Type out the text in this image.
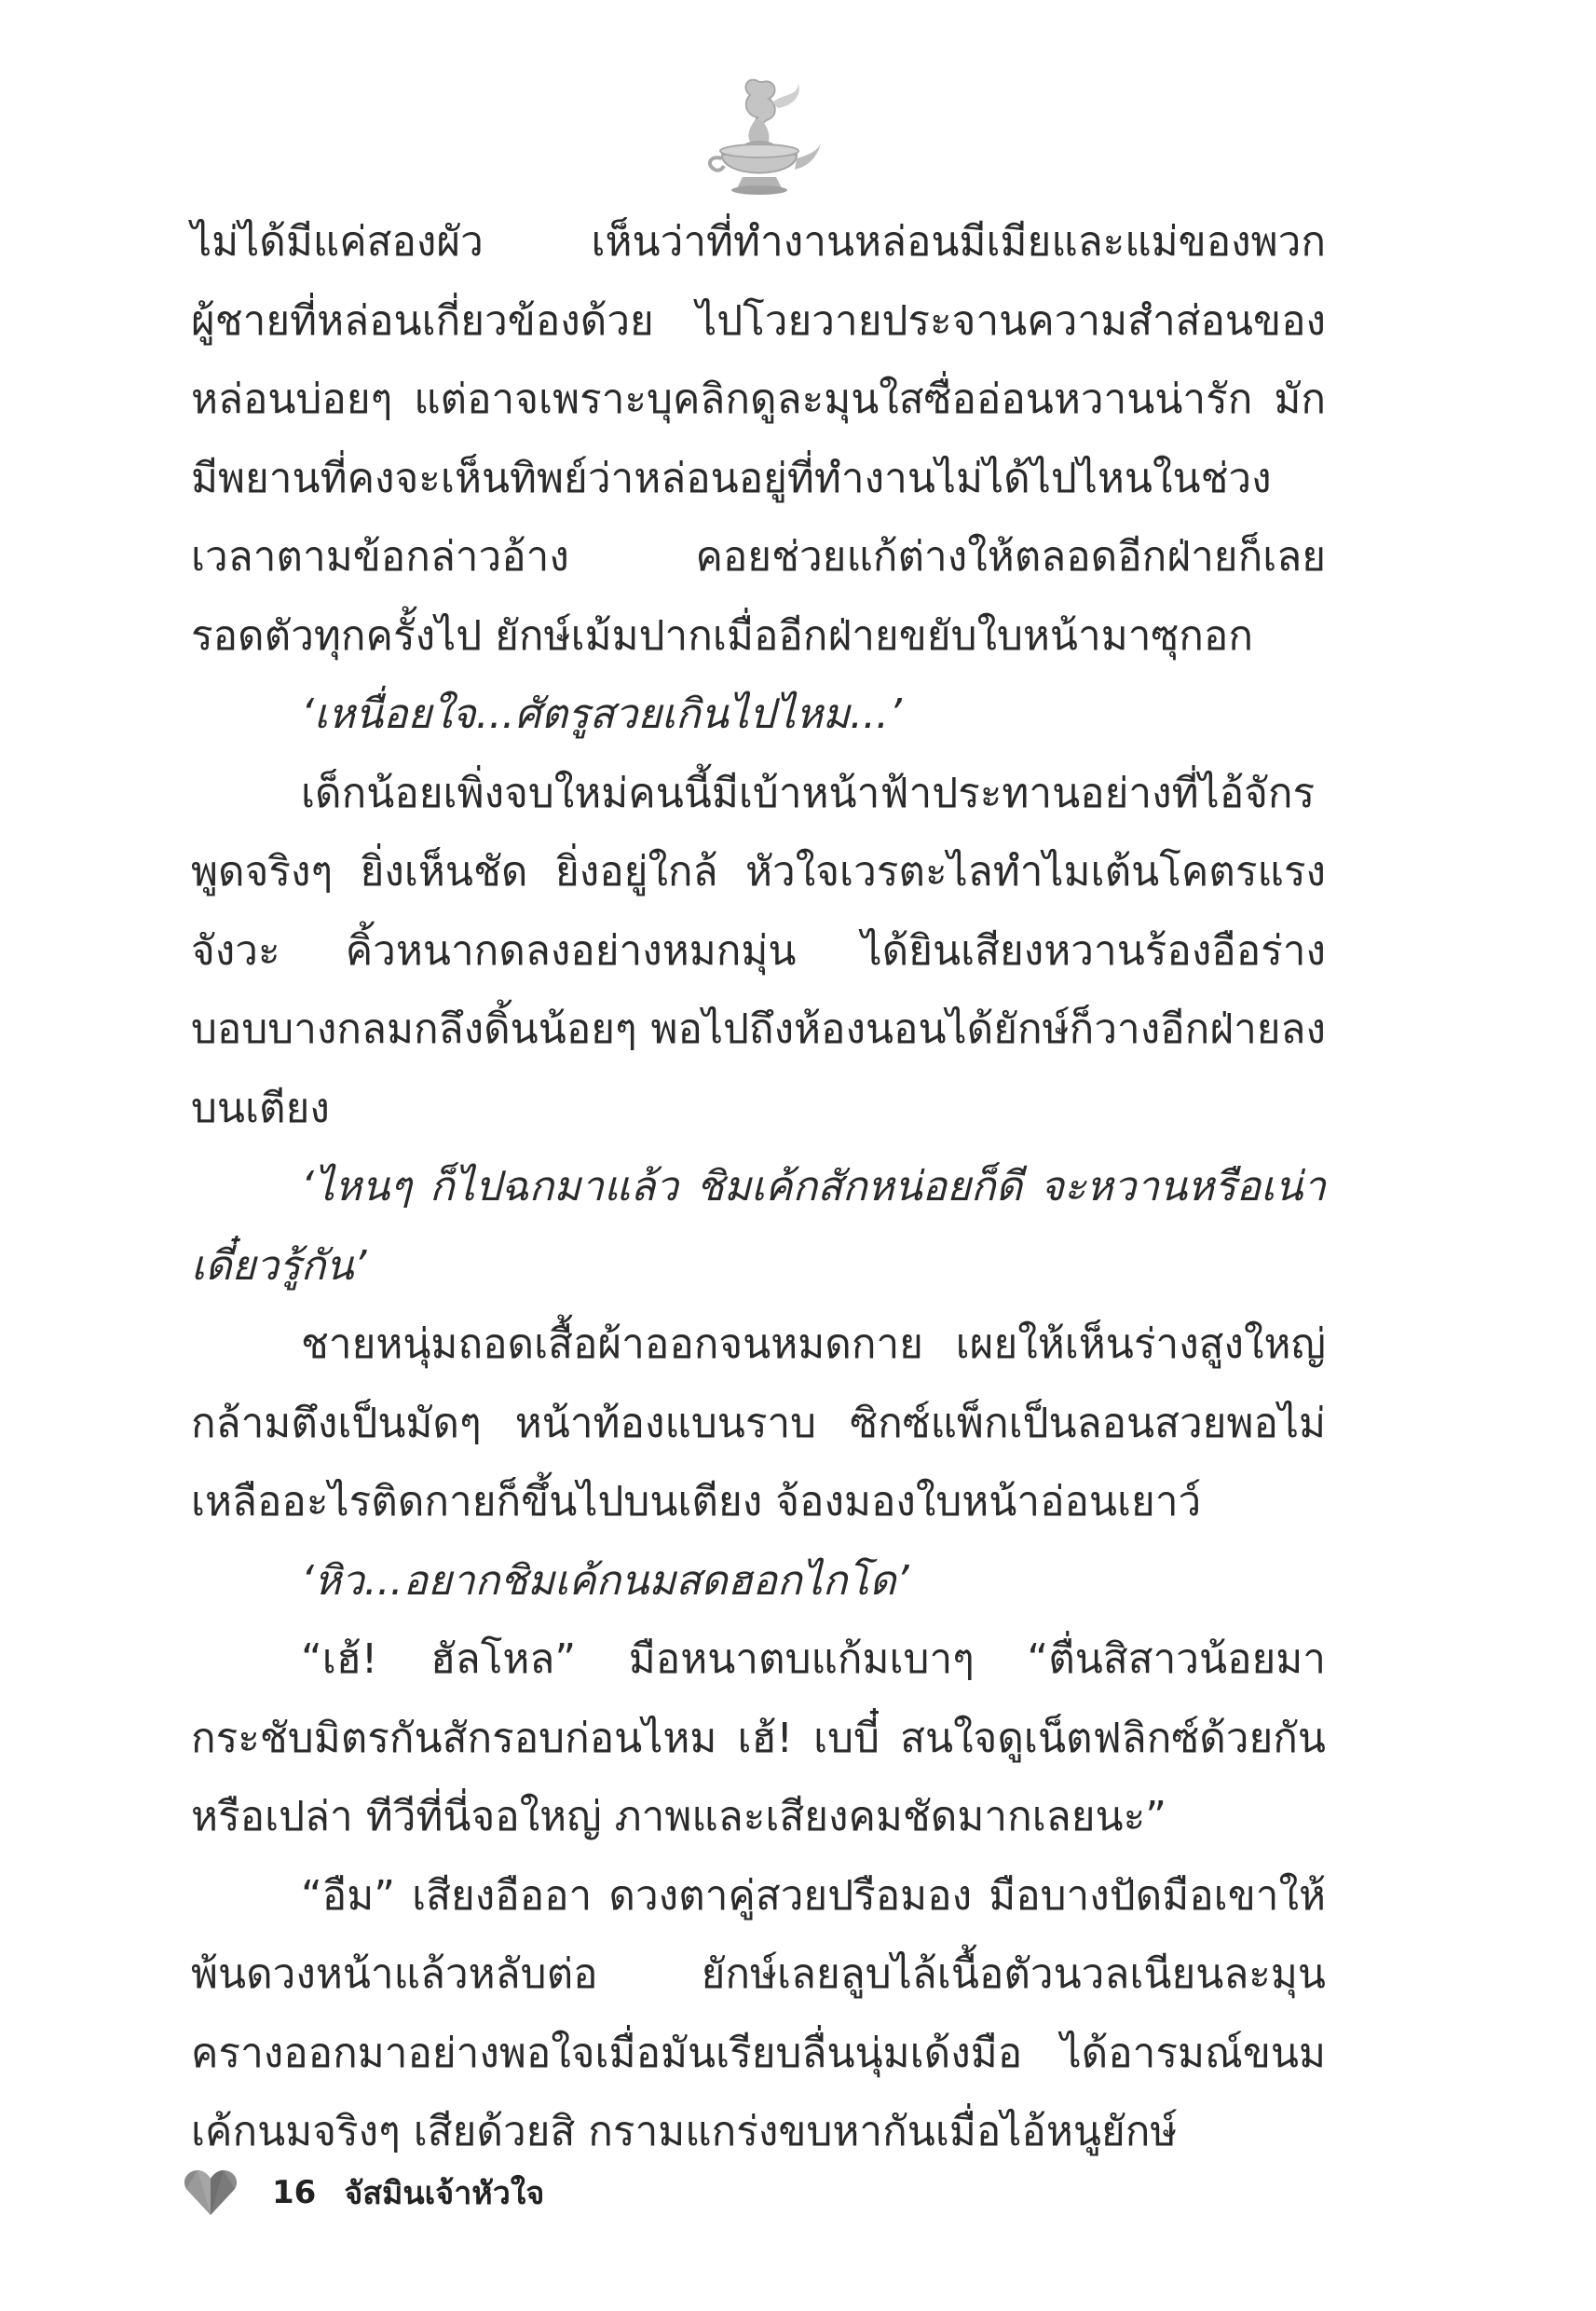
ไม่ได้มีแค่สองผัว เห็นว่าที่ทำงานหล่อนมีเมียและแม่ของพวกผู้ชายที่หล่อนเกี่ยวข้องด้วย ไปโวยวายประจานความสำส่อนของหล่อนบ่อยๆ แต่อาจเพราะบุคลิกดูละมุนใสซื่ออ่อนหวานน่ารัก มักมีพยานที่คงจะเห็นทิพย์ว่าหล่อนอยู่ที่ทำงานไม่ได้ไปไหนในช่วงเวลาตามข้อกล่าวอ้าง คอยช่วยแก้ต่างให้ตลอดอีกฝ่ายก็เลยรอดตัวทุกครั้งไป ยักษ์เม้มปากเมื่ออีกฝ่ายขยับใบหน้ามาซุกอก

‘เหนื่อยใจ...ศัตรูสวยเกินไปไหม...’

เด็กน้อยเพิ่งจบใหม่คนนี้มีเบ้าหน้าฟ้าประทานอย่างที่ไอ้จักรพูดจริงๆ ยิ่งเห็นชัด ยิ่งอยู่ใกล้ หัวใจเวรตะไลทำไมเต้นโคตรแรงจังวะ คิ้วหนากดลงอย่างหมกมุ่น ได้ยินเสียงหวานร้องอือร่างบอบบางกลมกลึงดิ้นน้อยๆ พอไปถึงห้องนอนได้ยักษ์ก็วางอีกฝ่ายลงบนเตียง

‘ไหนๆ ก็ไปฉกมาแล้ว ชิมเค้กสักหน่อยก็ดี จะหวานหรือเน่าเดี๋ยวรู้กัน’

ชายหนุ่มถอดเสื้อผ้าออกจนหมดกาย เผยให้เห็นร่างสูงใหญ่กล้ามตึงเป็นมัดๆ หน้าท้องแบนราบ ซิกซ์แพ็กเป็นลอนสวยพอไม่เหลืออะไรติดกายก็ขึ้นไปบนเตียง จ้องมองใบหน้าอ่อนเยาว์

‘หิว...อยากชิมเค้กนมสดฮอกไกโด’

“เฮ้! ฮัลโหล” มือหนาตบแก้มเบาๆ “ตื่นสิสาวน้อยมากระชับมิตรกันสักรอบก่อนไหม เฮ้! เบบี๋ สนใจดูเน็ตฟลิกซ์ด้วยกันหรือเปล่า ทีวีที่นี่จอใหญ่ ภาพและเสียงคมชัดมากเลยนะ”

“อืม” เสียงอืออา ดวงตาคู่สวยปรือมอง มือบางปัดมือเขาให้พ้นดวงหน้าแล้วหลับต่อ ยักษ์เลยลูบไล้เนื้อตัวนวลเนียนละมุนครางออกมาอย่างพอใจเมื่อมันเรียบลื่นนุ่มเด้งมือ ได้อารมณ์ขนมเค้กนมจริงๆ เสียด้วยสิ กรามแกร่งขบหากันเมื่อไอ้หนูยักษ์

16 จัสมินเจ้าหัวใจ
